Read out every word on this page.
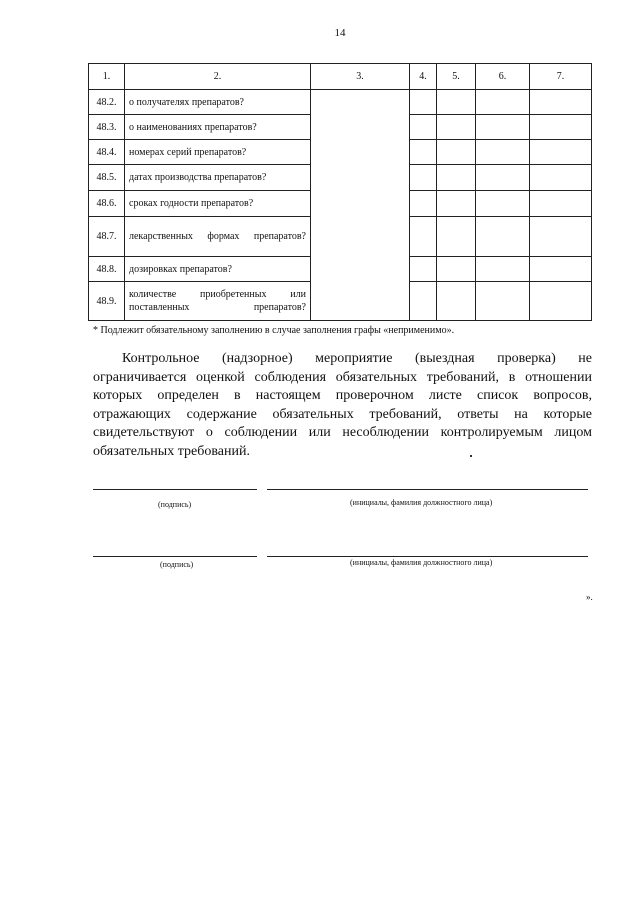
14
1.	2.	3.	4.	5.	6.	7.
48.2.	о получателях препаратов?					
48.3.	о наименованиях препаратов?					
48.4.	номерах серий препаратов?					
48.5.	датах производства препаратов?					
48.6.	сроках годности препаратов?					
48.7.	лекарственных формах препаратов?					
48.8.	дозировках препаратов?					
48.9.	количестве приобретенных или поставленных препаратов?					
* Подлежит обязательному заполнению в случае заполнения графы «неприменимо».
Контрольное (надзорное) мероприятие (выездная проверка) не ограничивается оценкой соблюдения обязательных требований, в отношении которых определен в настоящем проверочном листе список вопросов, отражающих содержание обязательных требований, ответы на которые свидетельствуют о соблюдении или несоблюдении контролируемым лицом обязательных требований.
(подпись)	(инициалы, фамилия должностного лица)
(подпись)	(инициалы, фамилия должностного лица)
».
